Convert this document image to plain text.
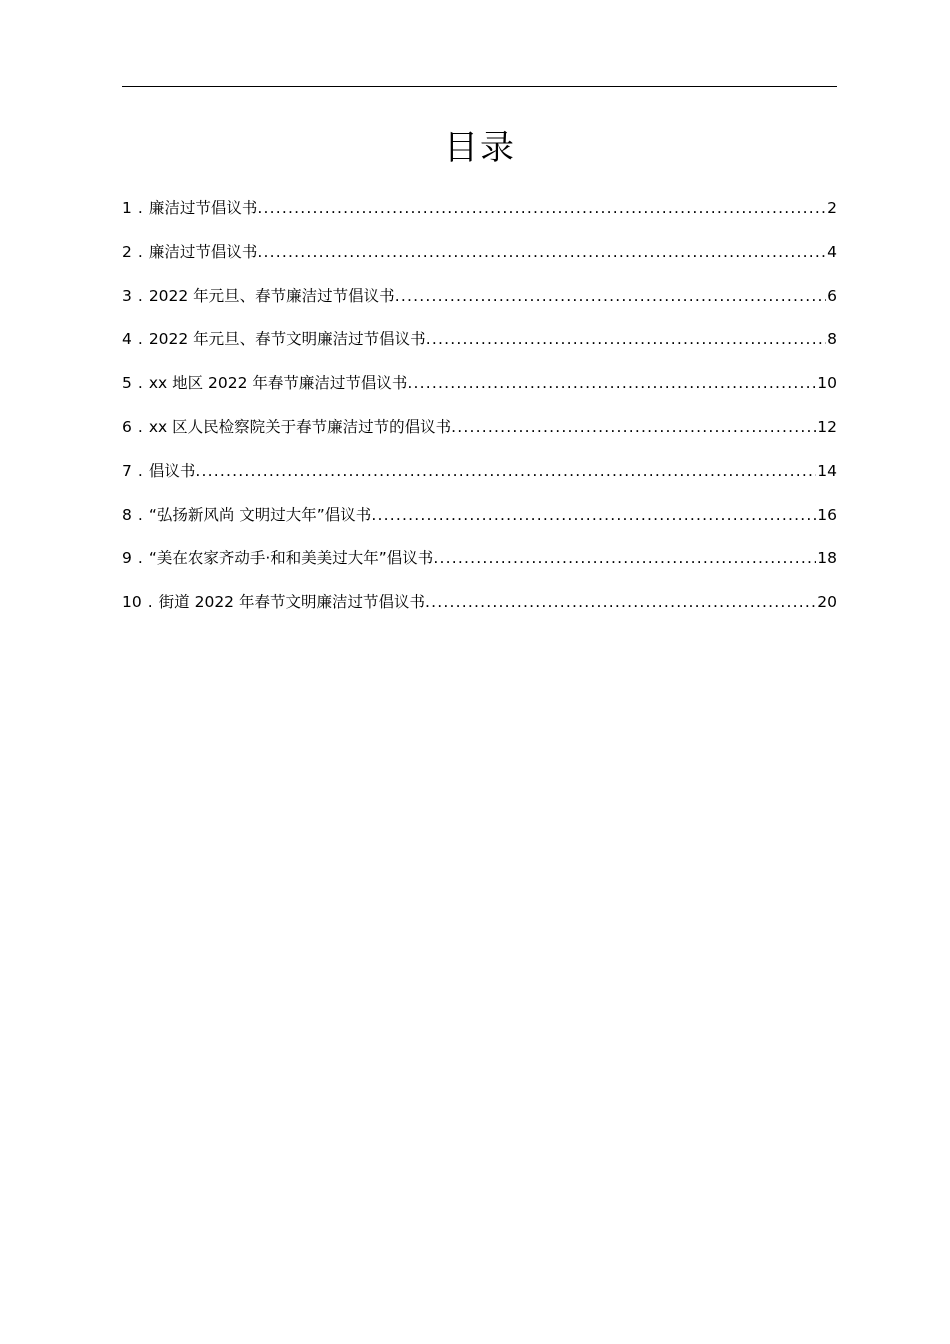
目录
1 . 廉洁过节倡议书 .....	2
2 . 廉洁过节倡议书 .....	4
3 . 2022 年元旦、春节廉洁过节倡议书 .....	6
4 . 2022 年元旦、春节文明廉洁过节倡议书 .....	8
5 . xx 地区 2022 年春节廉洁过节倡议书 .....	10
6 . xx 区人民检察院关于春节廉洁过节的倡议书 .....	12
7 . 倡议书 .....	14
8 . “弘扬新风尚 文明过大年”倡议书 .....	16
9 . “美在农家齐动手·和和美美过大年”倡议书 .....	18
10 . 街道 2022 年春节文明廉洁过节倡议书 .....	20
